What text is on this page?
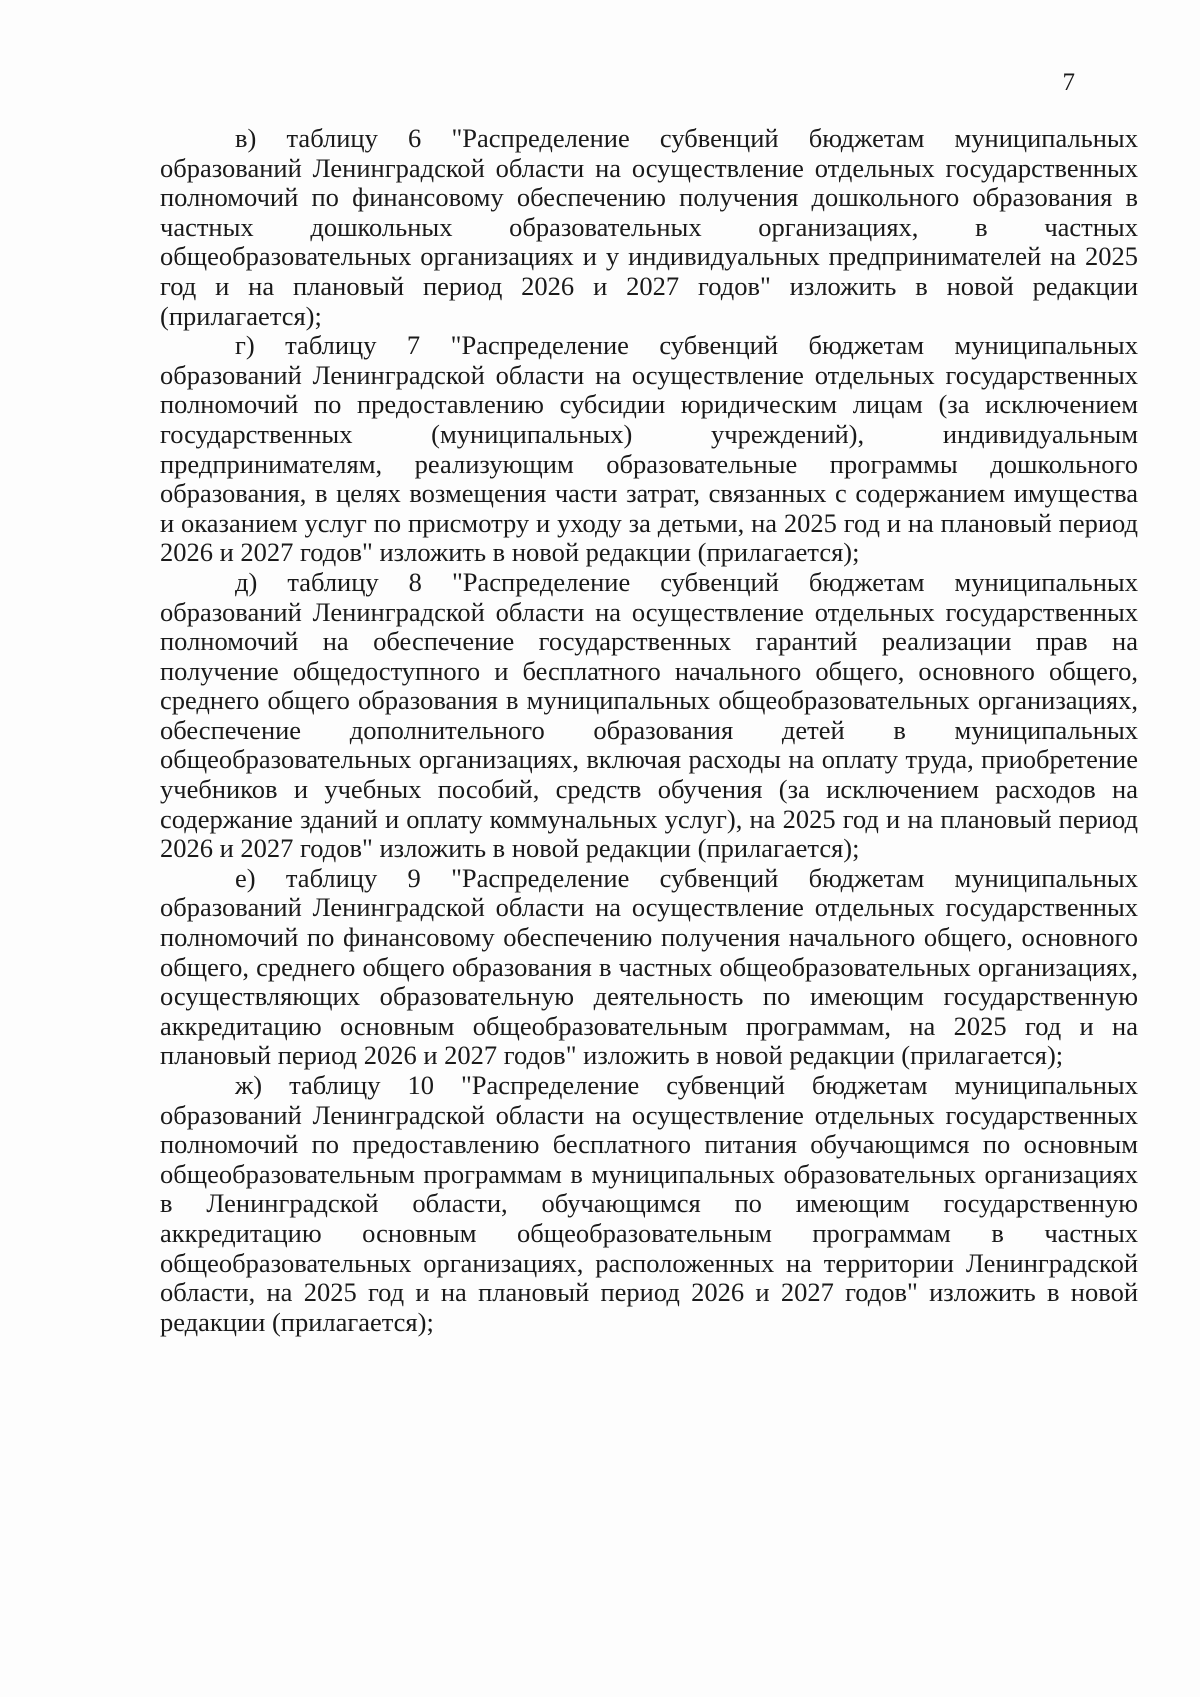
7

в) таблицу 6 "Распределение субвенций бюджетам муниципальных образований Ленинградской области на осуществление отдельных государственных полномочий по финансовому обеспечению получения дошкольного образования в частных дошкольных образовательных организациях, в частных общеобразовательных организациях и у индивидуальных предпринимателей на 2025 год и на плановый период 2026 и 2027 годов" изложить в новой редакции (прилагается);

г) таблицу 7 "Распределение субвенций бюджетам муниципальных образований Ленинградской области на осуществление отдельных государственных полномочий по предоставлению субсидии юридическим лицам (за исключением государственных (муниципальных) учреждений), индивидуальным предпринимателям, реализующим образовательные программы дошкольного образования, в целях возмещения части затрат, связанных с содержанием имущества и оказанием услуг по присмотру и уходу за детьми, на 2025 год и на плановый период 2026 и 2027 годов" изложить в новой редакции (прилагается);

д) таблицу 8 "Распределение субвенций бюджетам муниципальных образований Ленинградской области на осуществление отдельных государственных полномочий на обеспечение государственных гарантий реализации прав на получение общедоступного и бесплатного начального общего, основного общего, среднего общего образования в муниципальных общеобразовательных организациях, обеспечение дополнительного образования детей в муниципальных общеобразовательных организациях, включая расходы на оплату труда, приобретение учебников и учебных пособий, средств обучения (за исключением расходов на содержание зданий и оплату коммунальных услуг), на 2025 год и на плановый период 2026 и 2027 годов" изложить в новой редакции (прилагается);

е) таблицу 9 "Распределение субвенций бюджетам муниципальных образований Ленинградской области на осуществление отдельных государственных полномочий по финансовому обеспечению получения начального общего, основного общего, среднего общего образования в частных общеобразовательных организациях, осуществляющих образовательную деятельность по имеющим государственную аккредитацию основным общеобразовательным программам, на 2025 год и на плановый период 2026 и 2027 годов" изложить в новой редакции (прилагается);

ж) таблицу 10 "Распределение субвенций бюджетам муниципальных образований Ленинградской области на осуществление отдельных государственных полномочий по предоставлению бесплатного питания обучающимся по основным общеобразовательным программам в муниципальных образовательных организациях в Ленинградской области, обучающимся по имеющим государственную аккредитацию основным общеобразовательным программам в частных общеобразовательных организациях, расположенных на территории Ленинградской области, на 2025 год и на плановый период 2026 и 2027 годов" изложить в новой редакции (прилагается);
